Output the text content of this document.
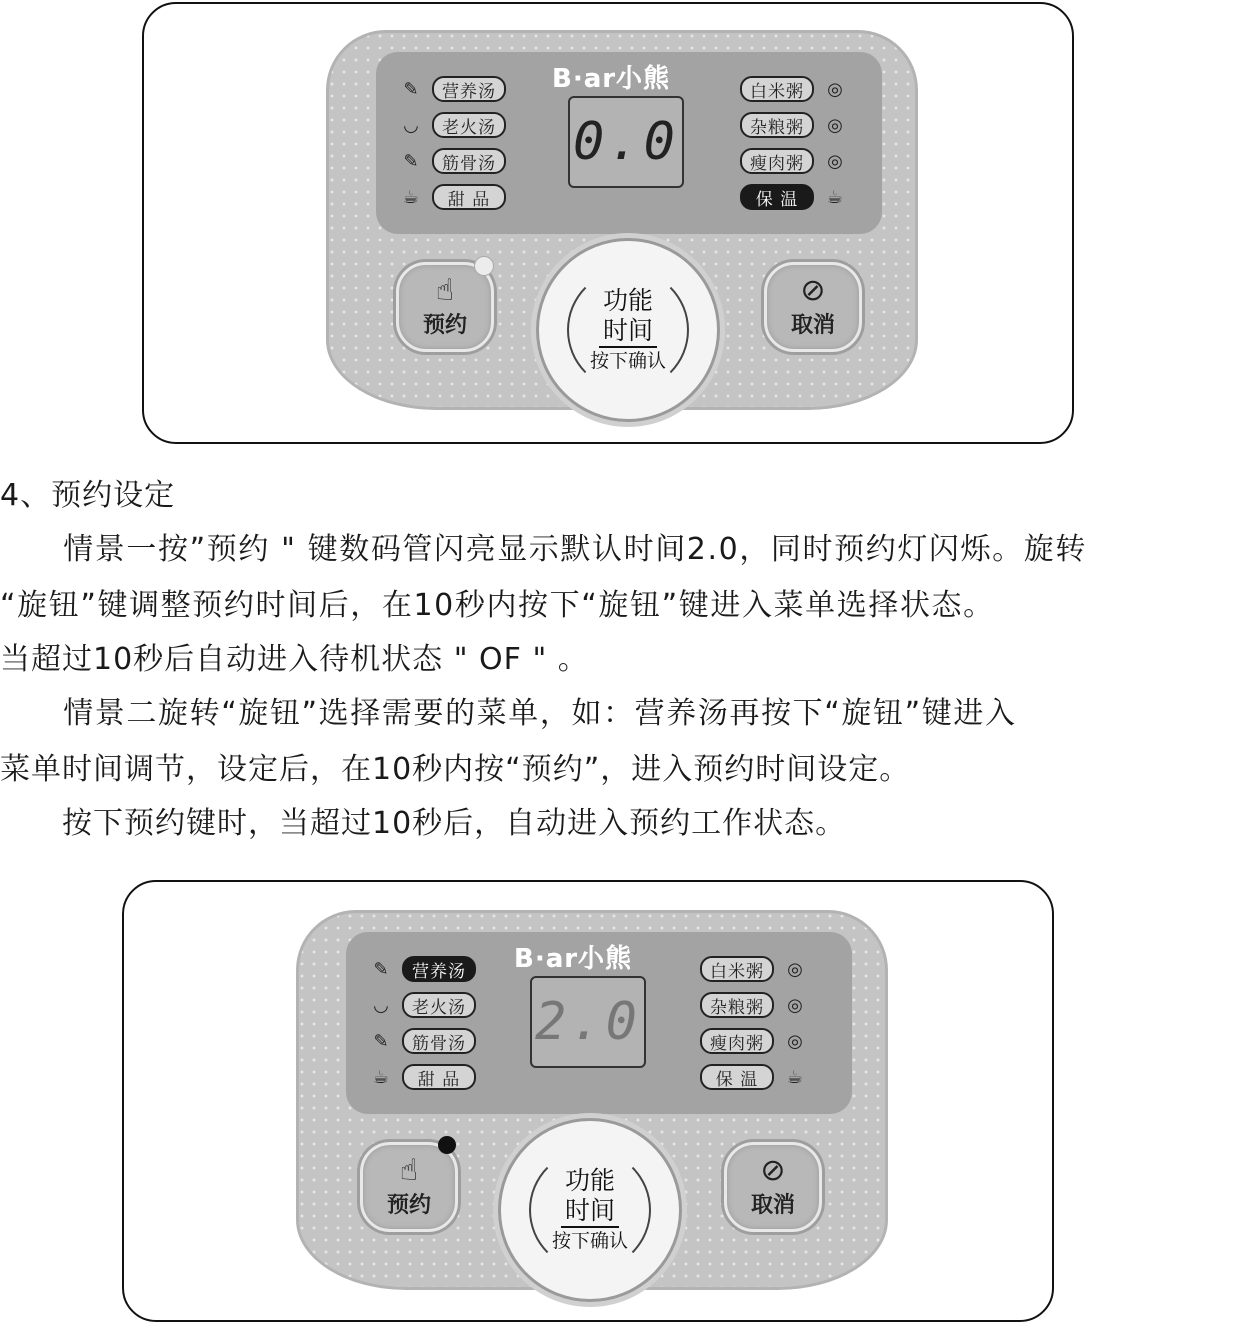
B·ar小熊
0.0
✎	营养汤
◡	老火汤
✎	筋骨汤
☕	甜 品
白米粥	◎
杂粮粥	◎
瘦肉粥	◎
保 温	☕
☝
预约
⊘
取消
功能
时间
按下确认
4、预约设定
　　情景一按”预约 " 键数码管闪亮显示默认时间2.0，同时预约灯闪烁。旋转
“旋钮”键调整预约时间后，在10秒内按下“旋钮”键进入菜单选择状态。
当超过10秒后自动进入待机状态 " OF " 。
　　情景二旋转“旋钮”选择需要的菜单，如：营养汤再按下“旋钮”键进入
菜单时间调节，设定后，在10秒内按“预约”，进入预约时间设定。
　　按下预约键时，当超过10秒后，自动进入预约工作状态。
B·ar小熊
2.0
✎	营养汤
◡	老火汤
✎	筋骨汤
☕	甜 品
白米粥	◎
杂粮粥	◎
瘦肉粥	◎
保 温	☕
☝
预约
⊘
取消
功能
时间
按下确认
